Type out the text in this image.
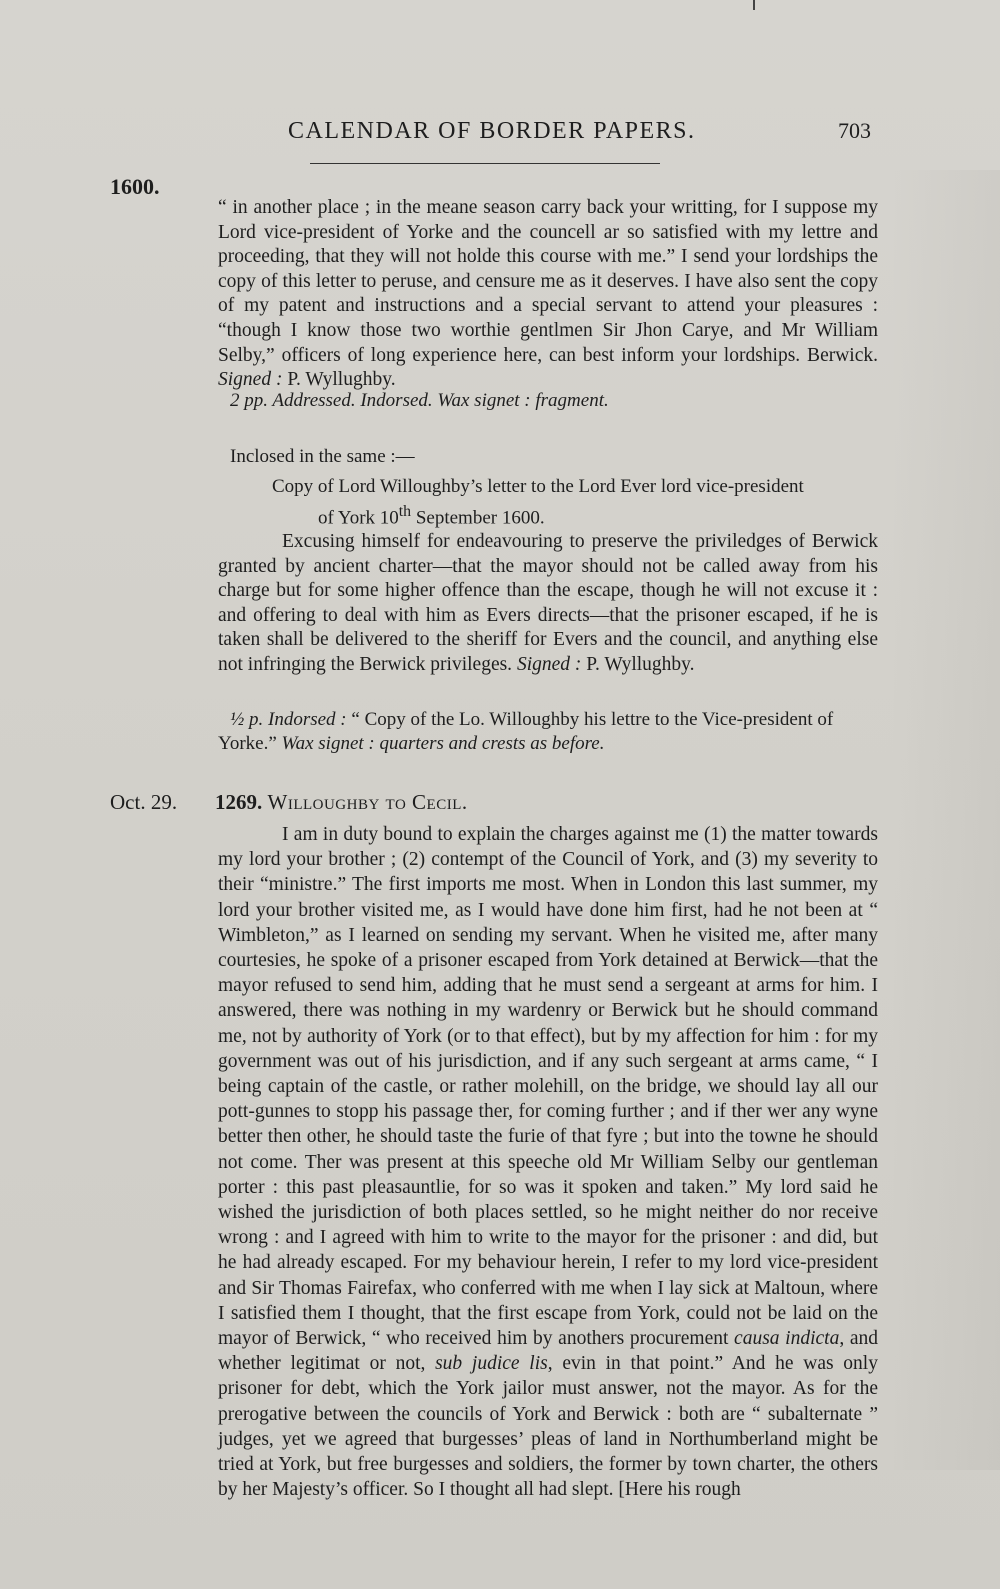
CALENDAR OF BORDER PAPERS.	703
1600.

“ in another place ; in the meane season carry back your writting, for I suppose my Lord vice-president of Yorke and the councell ar so satisfied with my lettre and proceeding, that they will not holde this course with me.” I send your lordships the copy of this letter to peruse, and censure me as it deserves. I have also sent the copy of my patent and instructions and a special servant to attend your pleasures : “though I know those two worthie gentlmen Sir Jhon Carye, and Mr William Selby,” officers of long experience here, can best inform your lordships. Berwick. Signed : P. Wyllughby.

2 pp. Addressed. Indorsed. Wax signet : fragment.
Inclosed in the same :—
Copy of Lord Willoughby’s letter to the Lord Ever lord vice-president
of York 10th September 1600.

Excusing himself for endeavouring to preserve the priviledges of Berwick granted by ancient charter—that the mayor should not be called away from his charge but for some higher offence than the escape, though he will not excuse it : and offering to deal with him as Evers directs—that the prisoner escaped, if he is taken shall be delivered to the sheriff for Evers and the council, and anything else not infringing the Berwick privileges. Signed : P. Wyllughby.

½ p. Indorsed : “ Copy of the Lo. Willoughby his lettre to the Vice-president of Yorke.” Wax signet : quarters and crests as before.
Oct. 29. 1269. Willoughby to Cecil.

I am in duty bound to explain the charges against me (1) the matter towards my lord your brother ; (2) contempt of the Council of York, and (3) my severity to their “ministre.” The first imports me most. When in London this last summer, my lord your brother visited me, as I would have done him first, had he not been at “ Wimbleton,” as I learned on sending my servant. When he visited me, after many courtesies, he spoke of a prisoner escaped from York detained at Berwick—that the mayor refused to send him, adding that he must send a sergeant at arms for him. I answered, there was nothing in my wardenry or Berwick but he should command me, not by authority of York (or to that effect), but by my affection for him : for my government was out of his jurisdiction, and if any such sergeant at arms came, “ I being captain of the castle, or rather molehill, on the bridge, we should lay all our pott-gunnes to stopp his passage ther, for coming further ; and if ther wer any wyne better then other, he should taste the furie of that fyre ; but into the towne he should not come. Ther was present at this speeche old Mr William Selby our gentleman porter : this past pleasauntlie, for so was it spoken and taken.” My lord said he wished the jurisdiction of both places settled, so he might neither do nor receive wrong : and I agreed with him to write to the mayor for the prisoner : and did, but he had already escaped. For my behaviour herein, I refer to my lord vice-president and Sir Thomas Fairefax, who conferred with me when I lay sick at Maltoun, where I satisfied them I thought, that the first escape from York, could not be laid on the mayor of Berwick, “ who received him by anothers procurement causa indicta, and whether legitimat or not, sub judice lis, evin in that point.” And he was only prisoner for debt, which the York jailor must answer, not the mayor. As for the prerogative between the councils of York and Berwick : both are “ subalternate ” judges, yet we agreed that burgesses’ pleas of land in Northumberland might be tried at York, but free burgesses and soldiers, the former by town charter, the others by her Majesty’s officer. So I thought all had slept. [Here his rough
